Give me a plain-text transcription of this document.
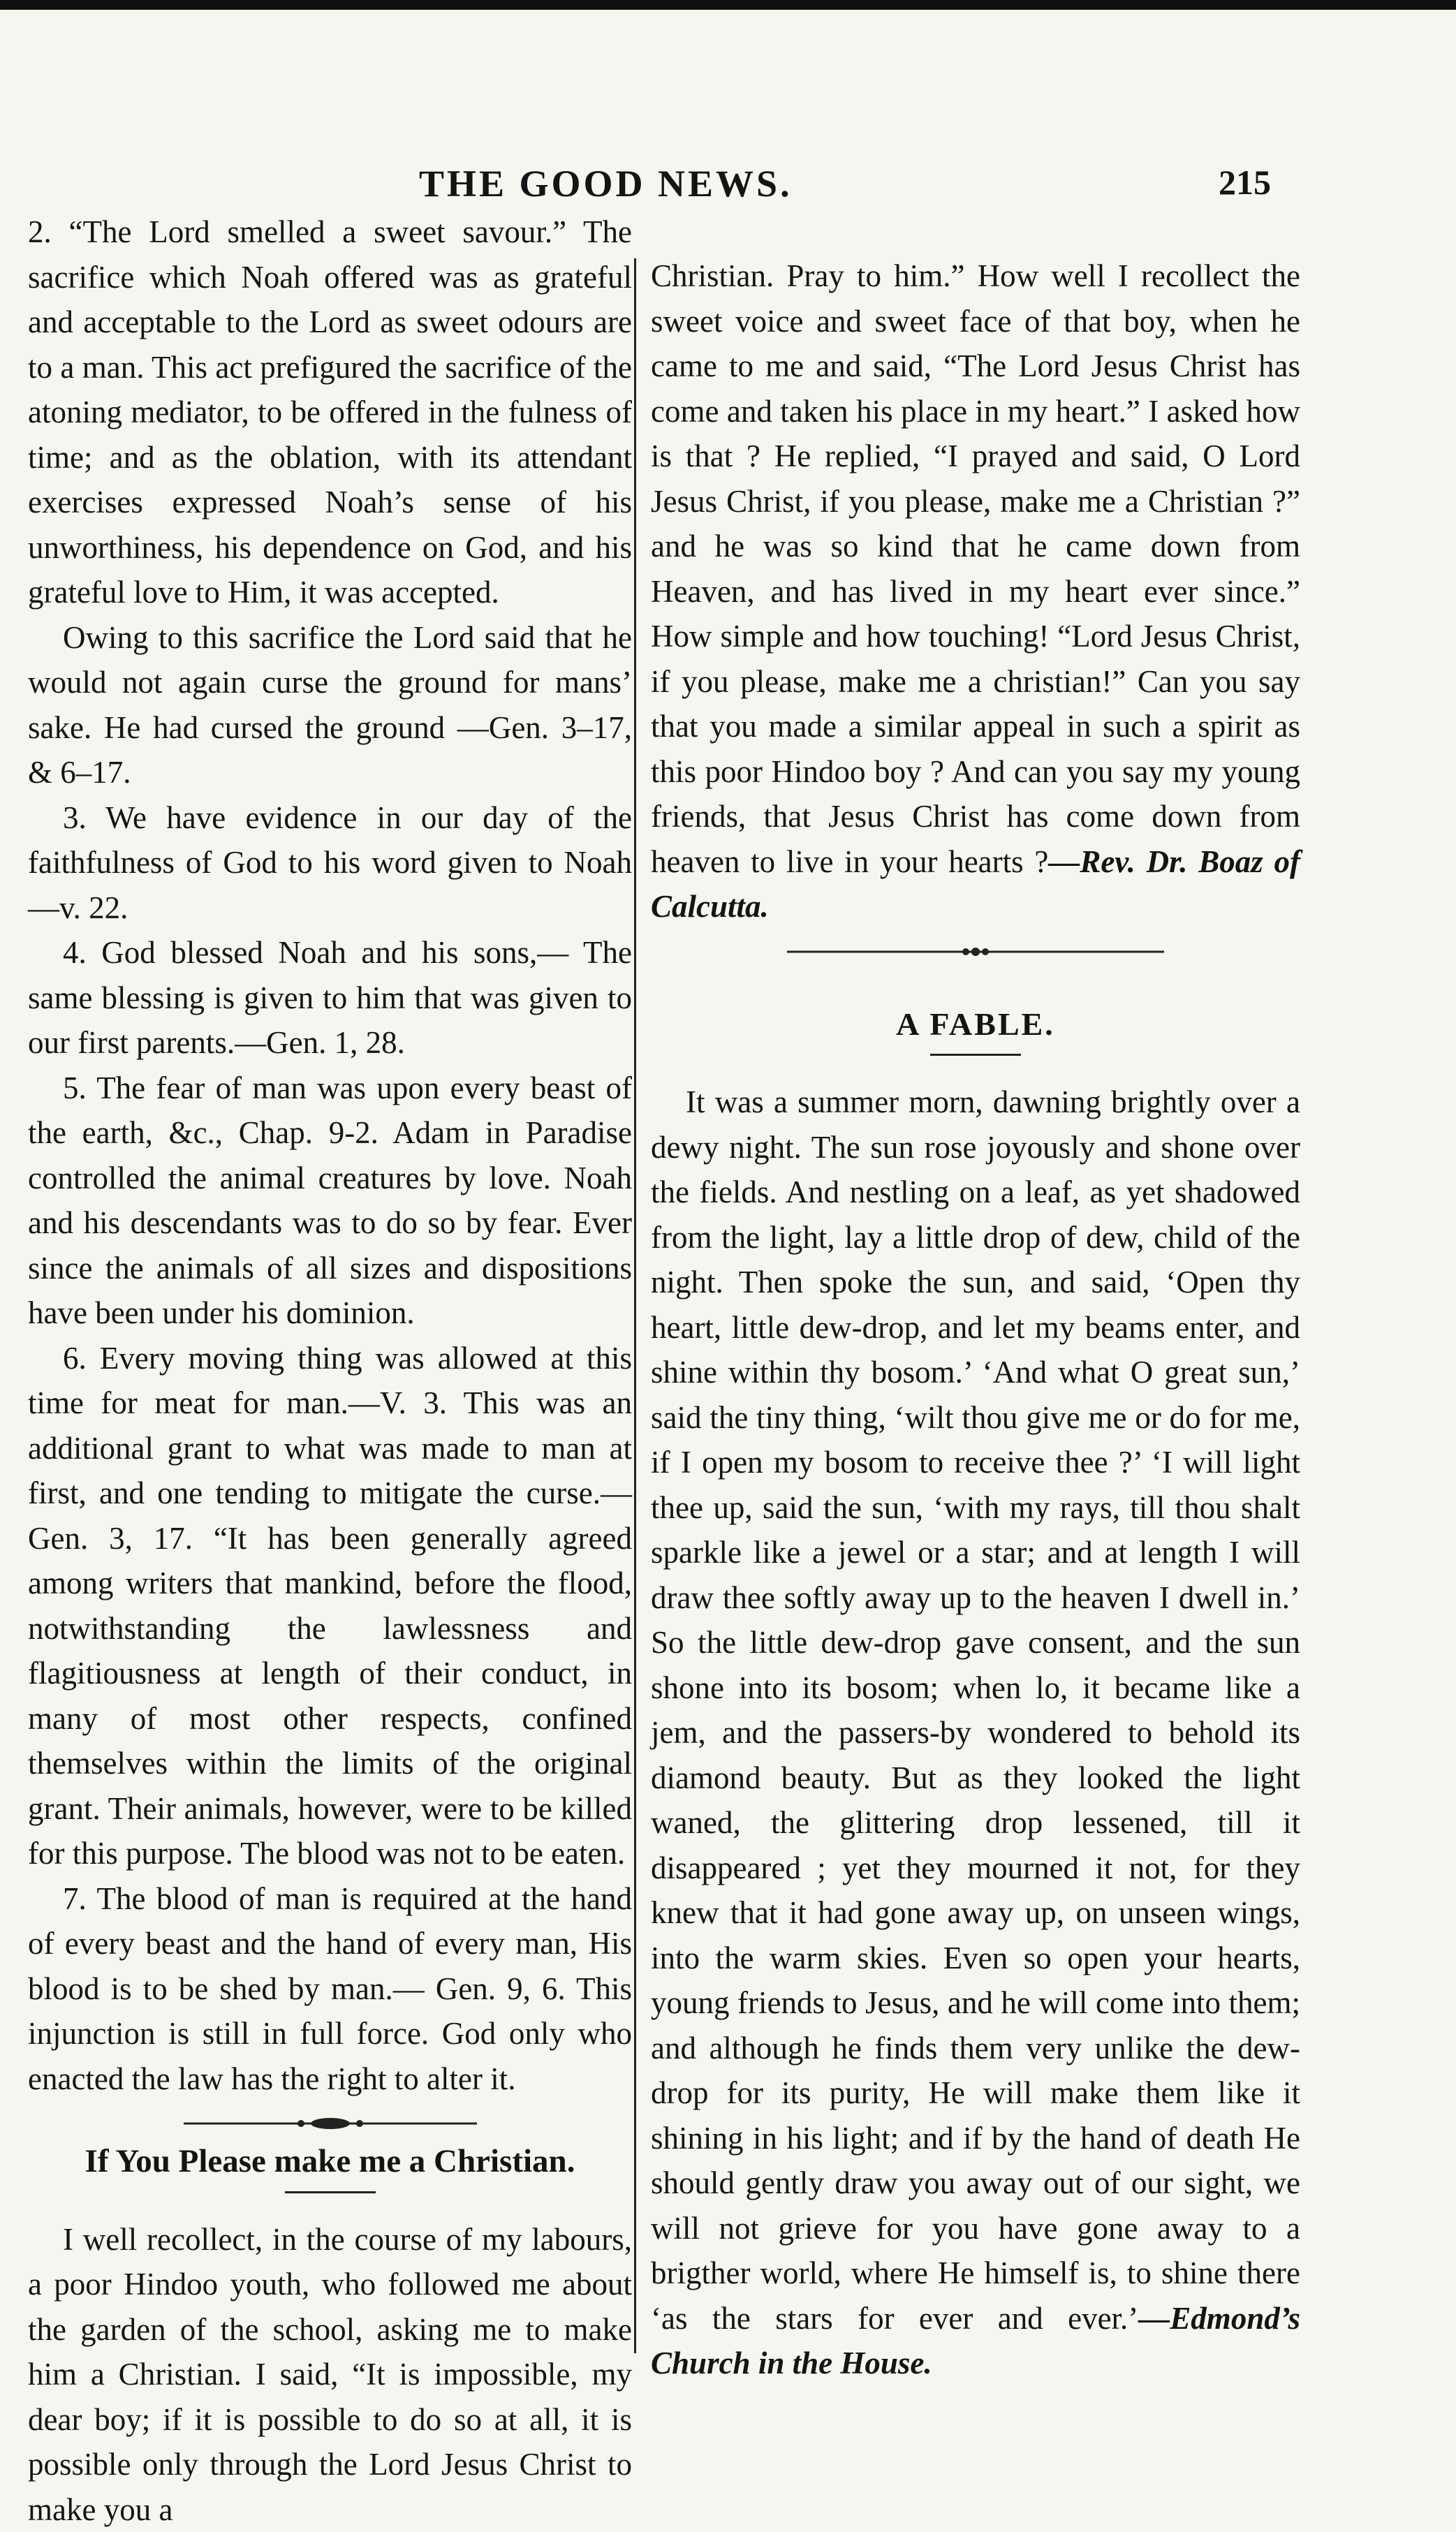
THE GOOD NEWS.	215

2. “The Lord smelled a sweet savour.” The sacrifice which Noah offered was as grateful and acceptable to the Lord as sweet odours are to a man. This act prefigured the sacrifice of the atoning mediator, to be offered in the fulness of time; and as the oblation, with its attendant exercises expressed Noah’s sense of his unworthiness, his dependence on God, and his grateful love to Him, it was accepted.

Owing to this sacrifice the Lord said that he would not again curse the ground for mans’ sake. He had cursed the ground —Gen. 3–17, & 6–17.

3. We have evidence in our day of the faithfulness of God to his word given to Noah—v. 22.

4. God blessed Noah and his sons,— The same blessing is given to him that was given to our first parents.—Gen. 1, 28.

5. The fear of man was upon every beast of the earth, &c., Chap. 9-2. Adam in Paradise controlled the animal creatures by love. Noah and his descendants was to do so by fear. Ever since the animals of all sizes and dispositions have been under his dominion.

6. Every moving thing was allowed at this time for meat for man.—V. 3. This was an additional grant to what was made to man at first, and one tending to mitigate the curse.—Gen. 3, 17. “It has been generally agreed among writers that mankind, before the flood, notwithstanding the lawlessness and flagitiousness at length of their conduct, in many of most other respects, confined themselves within the limits of the original grant. Their animals, however, were to be killed for this purpose. The blood was not to be eaten.

7. The blood of man is required at the hand of every beast and the hand of every man, His blood is to be shed by man.— Gen. 9, 6. This injunction is still in full force. God only who enacted the law has the right to alter it.

If You Please make me a Christian.

I well recollect, in the course of my labours, a poor Hindoo youth, who followed me about the garden of the school, asking me to make him a Christian. I said, “It is impossible, my dear boy; if it is possible to do so at all, it is possible only through the Lord Jesus Christ to make you a

Christian. Pray to him.” How well I recollect the sweet voice and sweet face of that boy, when he came to me and said, “The Lord Jesus Christ has come and taken his place in my heart.” I asked how is that ? He replied, “I prayed and said, O Lord Jesus Christ, if you please, make me a Christian ?” and he was so kind that he came down from Heaven, and has lived in my heart ever since.” How simple and how touching! “Lord Jesus Christ, if you please, make me a christian!” Can you say that you made a similar appeal in such a spirit as this poor Hindoo boy ? And can you say my young friends, that Jesus Christ has come down from heaven to live in your hearts ?—Rev. Dr. Boaz of Calcutta.

A FABLE.

It was a summer morn, dawning brightly over a dewy night. The sun rose joyously and shone over the fields. And nestling on a leaf, as yet shadowed from the light, lay a little drop of dew, child of the night. Then spoke the sun, and said, ‘Open thy heart, little dew-drop, and let my beams enter, and shine within thy bosom.’ ‘And what O great sun,’ said the tiny thing, ‘wilt thou give me or do for me, if I open my bosom to receive thee ?’ ‘I will light thee up, said the sun, ‘with my rays, till thou shalt sparkle like a jewel or a star; and at length I will draw thee softly away up to the heaven I dwell in.’ So the little dew-drop gave consent, and the sun shone into its bosom; when lo, it became like a jem, and the passers-by wondered to behold its diamond beauty. But as they looked the light waned, the glittering drop lessened, till it disappeared ; yet they mourned it not, for they knew that it had gone away up, on unseen wings, into the warm skies. Even so open your hearts, young friends to Jesus, and he will come into them; and although he finds them very unlike the dew-drop for its purity, He will make them like it shining in his light; and if by the hand of death He should gently draw you away out of our sight, we will not grieve for you have gone away to a brigther world, where He himself is, to shine there ‘as the stars for ever and ever.’—Edmond’s Church in the House.
